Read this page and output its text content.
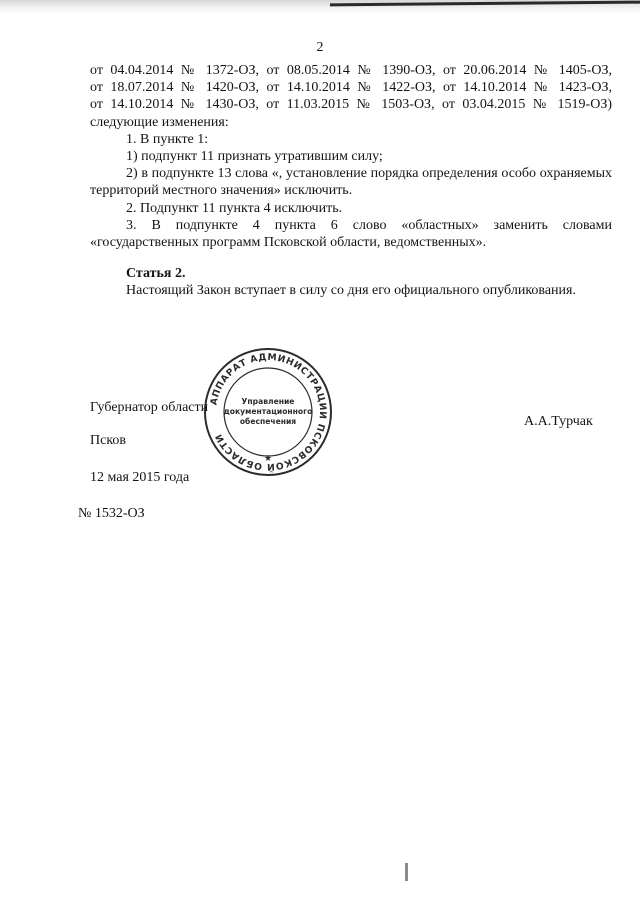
2

от 04.04.2014 № 1372-ОЗ, от 08.05.2014 № 1390-ОЗ, от 20.06.2014 № 1405-ОЗ,

от 18.07.2014 № 1420-ОЗ, от 14.10.2014 № 1422-ОЗ, от 14.10.2014 № 1423-ОЗ,

от 14.10.2014 № 1430-ОЗ, от 11.03.2015 № 1503-ОЗ, от 03.04.2015 № 1519-ОЗ)

следующие изменения:

1. В пункте 1:

1) подпункт 11 признать утратившим силу;

2) в подпункте 13 слова «, установление порядка определения особо охраняемых территорий местного значения» исключить.

2. Подпункт 11 пункта 4 исключить.

3. В подпункте 4 пункта 6 слово «областных» заменить словами «государственных программ Псковской области, ведомственных».

Статья 2.

Настоящий Закон вступает в силу со дня его официального опубликования.

АППАРАТ АДМИНИСТРАЦИИ ПСКОВСКОЙ ОБЛАСТИ
Управление
документационного
обеспечения
★
Губернатор области
А.А.Турчак
Псков
12 мая 2015 года
№ 1532-ОЗ
